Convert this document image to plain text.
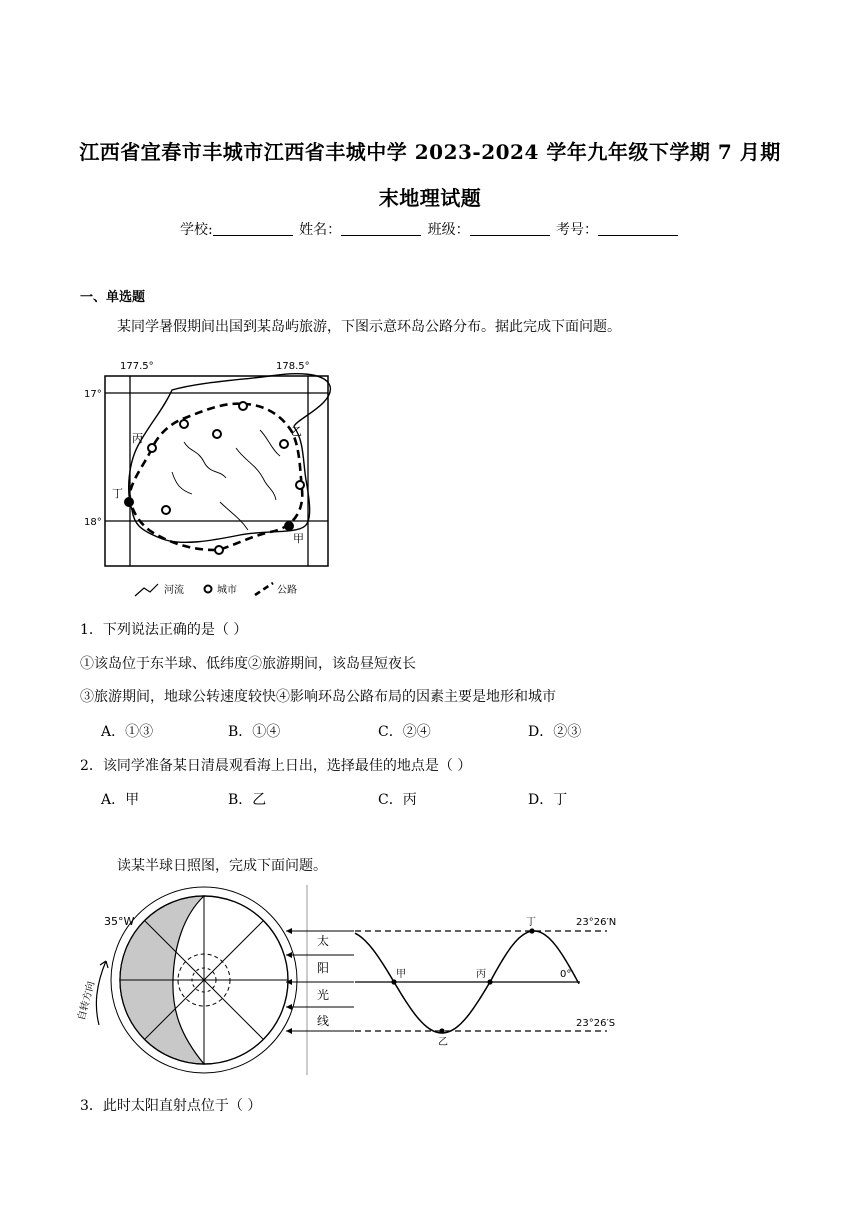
江西省宜春市丰城市江西省丰城中学 2023-2024 学年九年级下学期 7 月期
末地理试题
学校:	姓名：	班级：	考号：
一、单选题
某同学暑假期间出国到某岛屿旅游，下图示意环岛公路分布。据此完成下面问题。
177.5°	178.5°
17°
18°
丙
乙
丁
甲
河流	城市	公路
1．下列说法正确的是（ ）
①该岛位于东半球、低纬度②旅游期间，该岛昼短夜长
③旅游期间，地球公转速度较快④影响环岛公路布局的因素主要是地形和城市
A．①③	B．①④	C．②④	D．②③
2．该同学准备某日清晨观看海上日出，选择最佳的地点是（ ）
A．甲	B．乙	C．丙	D．丁
读某半球日照图，完成下面问题。
35°W
自转方向
太
阳
光
线
甲	丙
丁
乙
23°26′N
0°
23°26′S
3．此时太阳直射点位于（ ）
